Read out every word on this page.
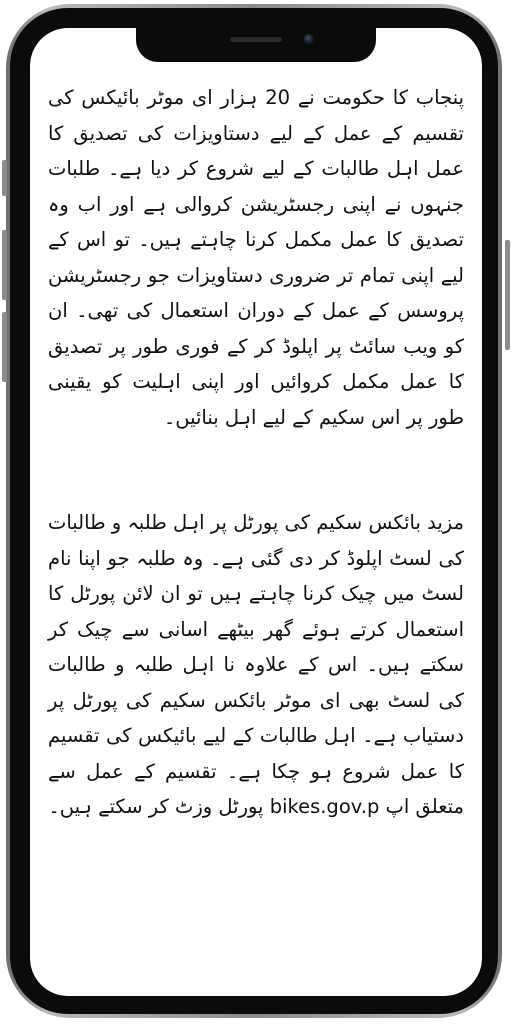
پنجاب کا حکومت نے 20 ہزار ای موٹر بائیکس کی تقسیم کے عمل کے لیے دستاویزات کی تصدیق کا عمل اہل طالبات کے لیے شروع کر دیا ہے۔ طلبات جنہوں نے اپنی رجسٹریشن کروالی ہے اور اب وہ تصدیق کا عمل مکمل کرنا چاہتے ہیں۔ تو اس کے لیے اپنی تمام تر ضروری دستاویزات جو رجسٹریشن پروسس کے عمل کے دوران استعمال کی تھی۔ ان کو ویب سائٹ پر اپلوڈ کر کے فوری طور پر تصدیق کا عمل مکمل کروائیں اور اپنی اہلیت کو یقینی طور پر اس سکیم کے لیے اہل بنائیں۔

مزید بائکس سکیم کی پورٹل پر اہل طلبہ و طالبات کی لسٹ اپلوڈ کر دی گئی ہے۔ وہ طلبہ جو اپنا نام لسٹ میں چیک کرنا چاہتے ہیں تو ان لائن پورٹل کا استعمال کرتے ہوئے گھر بیٹھے اسانی سے چیک کر سکتے ہیں۔ اس کے علاوہ نا اہل طلبہ و طالبات کی لسٹ بھی ای موٹر بائکس سکیم کی پورٹل پر دستیاب ہے۔ اہل طالبات کے لیے بائیکس کی تقسیم کا عمل شروع ہو چکا ہے۔ تقسیم کے عمل سے متعلق اپ bikes.gov.p پورٹل وزٹ کر سکتے ہیں۔
